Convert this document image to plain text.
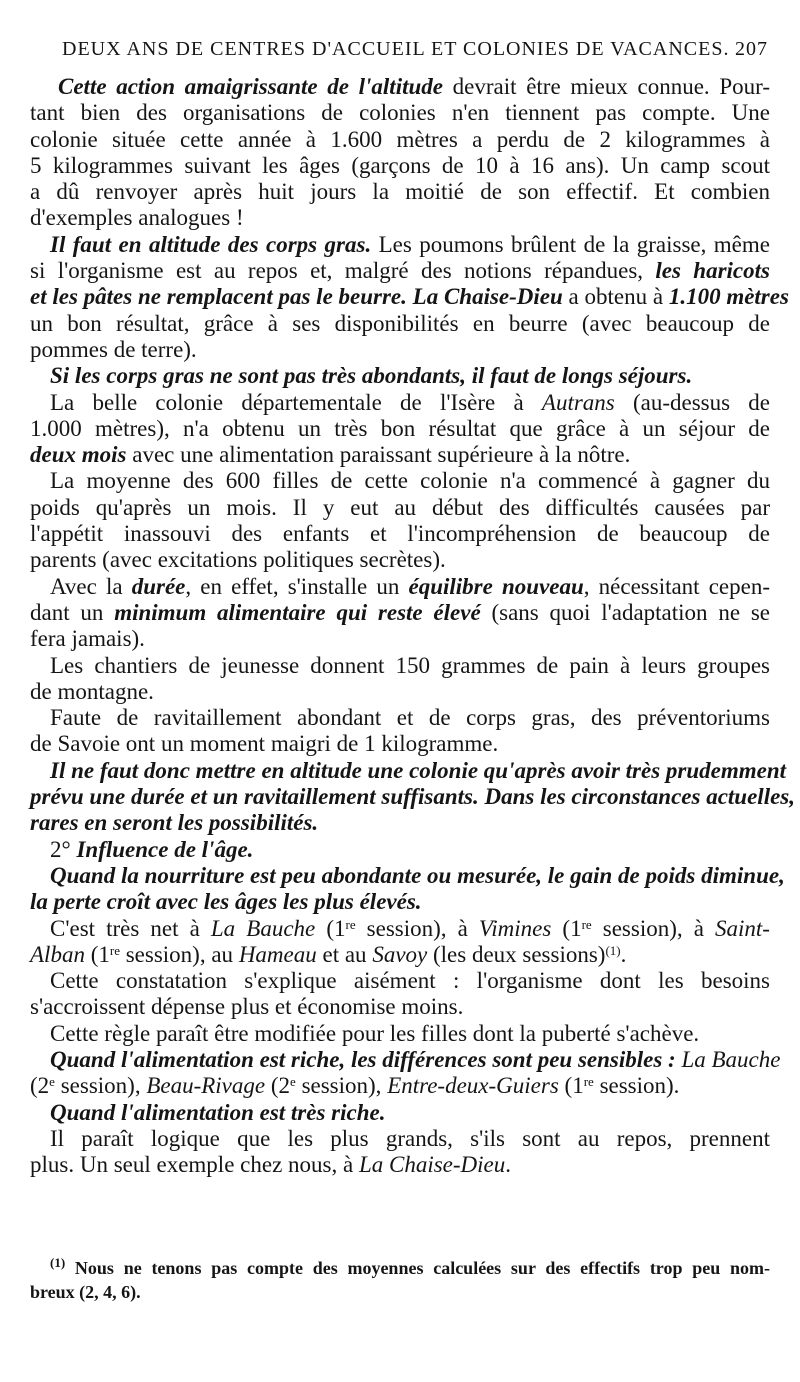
DEUX ANS DE CENTRES D'ACCUEIL ET COLONIES DE VACANCES. 207
Cette action amaigrissante de l'altitude devrait être mieux connue. Pour-
tant bien des organisations de colonies n'en tiennent pas compte. Une
colonie située cette année à 1.600 mètres a perdu de 2 kilogrammes à
5 kilogrammes suivant les âges (garçons de 10 à 16 ans). Un camp scout
a dû renvoyer après huit jours la moitié de son effectif. Et combien
d'exemples analogues !
Il faut en altitude des corps gras. Les poumons brûlent de la graisse, même
si l'organisme est au repos et, malgré des notions répandues, les haricots
et les pâtes ne remplacent pas le beurre. La Chaise-Dieu a obtenu à 1.100 mètres
un bon résultat, grâce à ses disponibilités en beurre (avec beaucoup de
pommes de terre).
Si les corps gras ne sont pas très abondants, il faut de longs séjours.
La belle colonie départementale de l'Isère à Autrans (au-dessus de
1.000 mètres), n'a obtenu un très bon résultat que grâce à un séjour de
deux mois avec une alimentation paraissant supérieure à la nôtre.
La moyenne des 600 filles de cette colonie n'a commencé à gagner du
poids qu'après un mois. Il y eut au début des difficultés causées par
l'appétit inassouvi des enfants et l'incompréhension de beaucoup de
parents (avec excitations politiques secrètes).
Avec la durée, en effet, s'installe un équilibre nouveau, nécessitant cepen-
dant un minimum alimentaire qui reste élevé (sans quoi l'adaptation ne se
fera jamais).
Les chantiers de jeunesse donnent 150 grammes de pain à leurs groupes
de montagne.
Faute de ravitaillement abondant et de corps gras, des préventoriums
de Savoie ont un moment maigri de 1 kilogramme.
Il ne faut donc mettre en altitude une colonie qu'après avoir très prudemment
prévu une durée et un ravitaillement suffisants. Dans les circonstances actuelles,
rares en seront les possibilités.
2° Influence de l'âge.
Quand la nourriture est peu abondante ou mesurée, le gain de poids diminue,
la perte croît avec les âges les plus élevés.
C'est très net à La Bauche (1re session), à Vimines (1re session), à Saint-
Alban (1re session), au Hameau et au Savoy (les deux sessions)$^{(1)}$.
Cette constatation s'explique aisément : l'organisme dont les besoins
s'accroissent dépense plus et économise moins.
Cette règle paraît être modifiée pour les filles dont la puberté s'achève.
Quand l'alimentation est riche, les différences sont peu sensibles : La Bauche
(2e session), Beau-Rivage (2e session), Entre-deux-Guiers (1re session).
Quand l'alimentation est très riche.
Il paraît logique que les plus grands, s'ils sont au repos, prennent
plus. Un seul exemple chez nous, à La Chaise-Dieu.
$^{(1)}$ Nous ne tenons pas compte des moyennes calculées sur des effectifs trop peu nom-
breux (2, 4, 6).
